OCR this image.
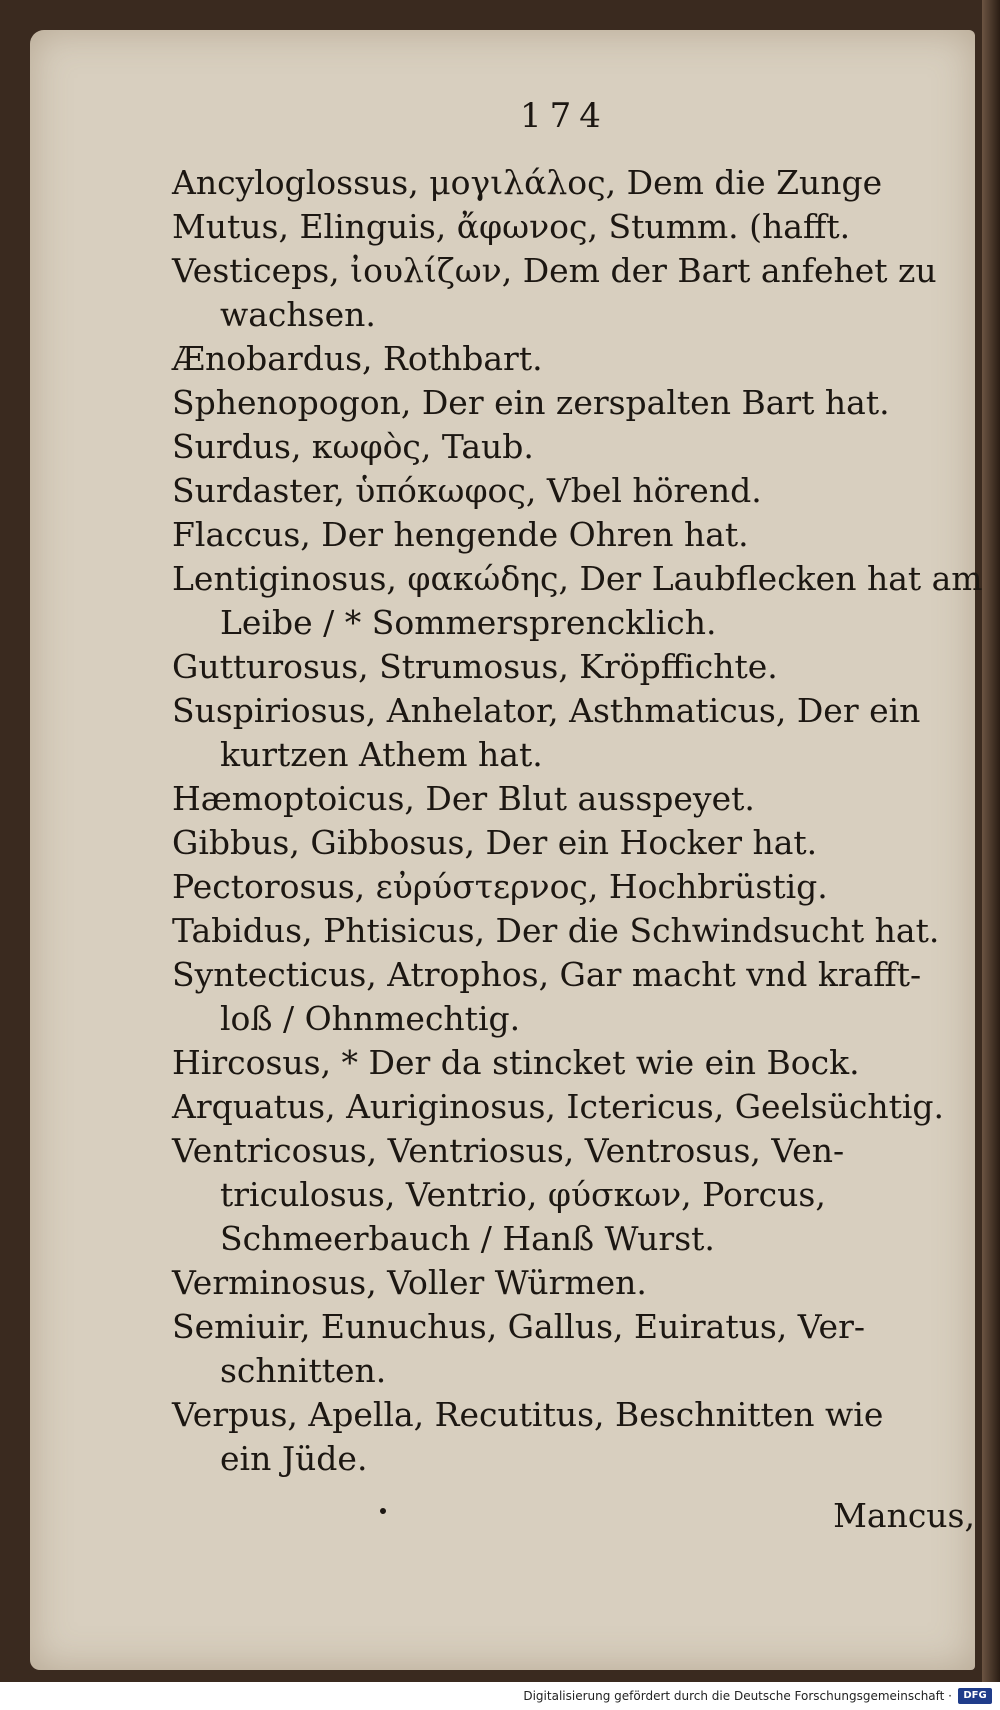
174
Ancyloglossus, μογιλάλος, Dem die Zunge
Mutus, Elinguis, ἄφωνος, Stumm. (hafft.
Vesticeps, ἰουλίζων, Dem der Bart anfehet zu
wachsen.
Ænobardus, Rothbart.
Sphenopogon, Der ein zerspalten Bart hat.
Surdus, κωφὸς, Taub.
Surdaster, ὑπόκωφος, Vbel hörend.
Flaccus, Der hengende Ohren hat.
Lentiginosus, φακώδης, Der Laubflecken hat am
Leibe / * Sommersprencklich.
Gutturosus, Strumosus, Kröpffichte.
Suspiriosus, Anhelator, Asthmaticus, Der ein
kurtzen Athem hat.
Hæmoptoicus, Der Blut ausspeyet.
Gibbus, Gibbosus, Der ein Hocker hat.
Pectorosus, εὐρύστερνος, Hochbrüstig.
Tabidus, Phtisicus, Der die Schwindsucht hat.
Syntecticus, Atrophos, Gar macht vnd krafft-
loß / Ohnmechtig.
Hircosus, * Der da stincket wie ein Bock.
Arquatus, Auriginosus, Ictericus, Geelsüchtig.
Ventricosus, Ventriosus, Ventrosus, Ven-
triculosus, Ventrio, φύσκων, Porcus,
Schmeerbauch / Hanß Wurst.
Verminosus, Voller Würmen.
Semiuir, Eunuchus, Gallus, Euiratus, Ver-
schnitten.
Verpus, Apella, Recutitus, Beschnitten wie
ein Jüde.
Mancus,
Digitalisierung gefördert durch die Deutsche Forschungsgemeinschaft ·	DFG
